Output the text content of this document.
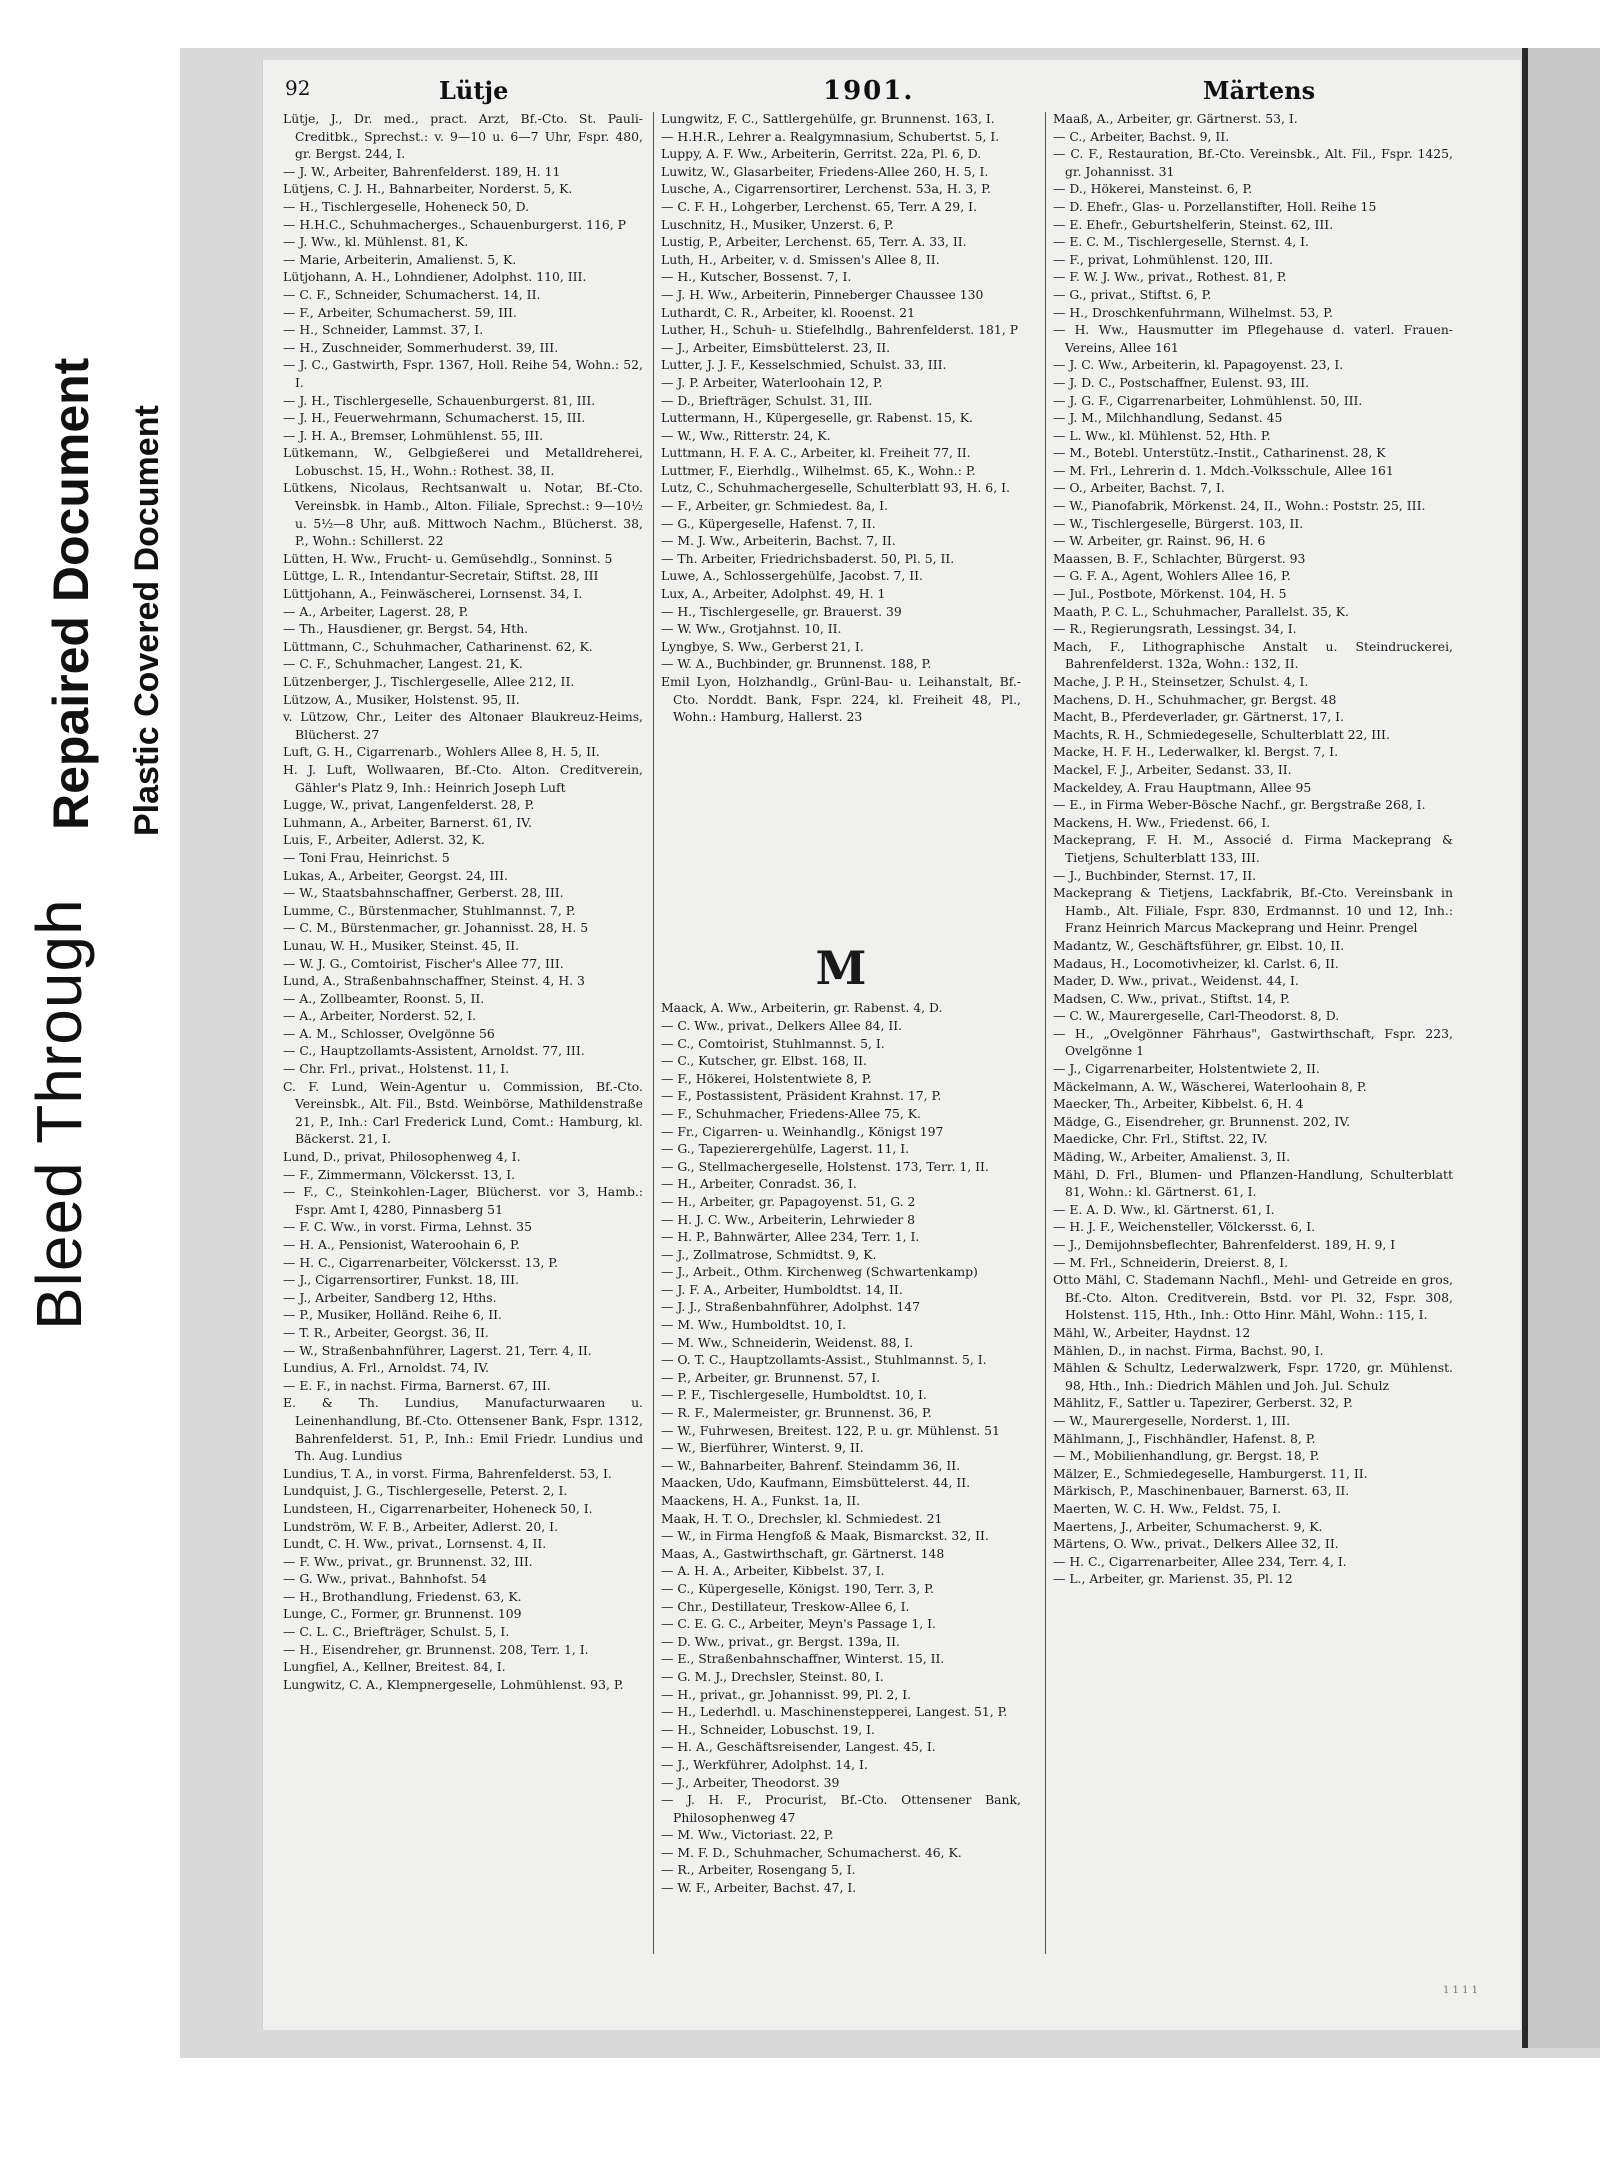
Bleed Through
Repaired Document Plastic Covered Document
92	Lütje	1901.	Märtens

Lütje, J., Dr. med., pract. Arzt, Bf.-Cto. St. Pauli-Creditbk., Sprechst.: v. 9—10 u. 6—7 Uhr, Fspr. 480, gr. Bergst. 244, I.

— J. W., Arbeiter, Bahrenfelderst. 189, H. 11

Lütjens, C. J. H., Bahnarbeiter, Norderst. 5, K.

— H., Tischlergeselle, Hoheneck 50, D.

— H.H.C., Schuhmacherges., Schauenburgerst. 116, P

— J. Ww., kl. Mühlenst. 81, K.

— Marie, Arbeiterin, Amalienst. 5, K.

Lütjohann, A. H., Lohndiener, Adolphst. 110, III.

— C. F., Schneider, Schumacherst. 14, II.

— F., Arbeiter, Schumacherst. 59, III.

— H., Schneider, Lammst. 37, I.

— H., Zuschneider, Sommerhuderst. 39, III.

— J. C., Gastwirth, Fspr. 1367, Holl. Reihe 54, Wohn.: 52, I.

— J. H., Tischlergeselle, Schauenburgerst. 81, III.

— J. H., Feuerwehrmann, Schumacherst. 15, III.

— J. H. A., Bremser, Lohmühlenst. 55, III.

Lütkemann, W., Gelbgießerei und Metalldreherei, Lobuschst. 15, H., Wohn.: Rothest. 38, II.

Lütkens, Nicolaus, Rechtsanwalt u. Notar, Bf.-Cto. Vereinsbk. in Hamb., Alton. Filiale, Sprechst.: 9—10½ u. 5½—8 Uhr, auß. Mittwoch Nachm., Blücherst. 38, P., Wohn.: Schillerst. 22

Lütten, H. Ww., Frucht- u. Gemüsehdlg., Sonninst. 5

Lüttge, L. R., Intendantur-Secretair, Stiftst. 28, III

Lüttjohann, A., Feinwäscherei, Lornsenst. 34, I.

— A., Arbeiter, Lagerst. 28, P.

— Th., Hausdiener, gr. Bergst. 54, Hth.

Lüttmann, C., Schuhmacher, Catharinenst. 62, K.

— C. F., Schuhmacher, Langest. 21, K.

Lützenberger, J., Tischlergeselle, Allee 212, II.

Lützow, A., Musiker, Holstenst. 95, II.

v. Lützow, Chr., Leiter des Altonaer Blaukreuz-Heims, Blücherst. 27

Luft, G. H., Cigarrenarb., Wohlers Allee 8, H. 5, II.

H. J. Luft, Wollwaaren, Bf.-Cto. Alton. Creditverein, Gähler's Platz 9, Inh.: Heinrich Joseph Luft

Lugge, W., privat, Langenfelderst. 28, P.

Luhmann, A., Arbeiter, Barnerst. 61, IV.

Luis, F., Arbeiter, Adlerst. 32, K.

— Toni Frau, Heinrichst. 5

Lukas, A., Arbeiter, Georgst. 24, III.

— W., Staatsbahnschaffner, Gerberst. 28, III.

Lumme, C., Bürstenmacher, Stuhlmannst. 7, P.

— C. M., Bürstenmacher, gr. Johannisst. 28, H. 5

Lunau, W. H., Musiker, Steinst. 45, II.

— W. J. G., Comtoirist, Fischer's Allee 77, III.

Lund, A., Straßenbahnschaffner, Steinst. 4, H. 3

— A., Zollbeamter, Roonst. 5, II.

— A., Arbeiter, Norderst. 52, I.

— A. M., Schlosser, Ovelgönne 56

— C., Hauptzollamts-Assistent, Arnoldst. 77, III.

— Chr. Frl., privat., Holstenst. 11, I.

C. F. Lund, Wein-Agentur u. Commission, Bf.-Cto. Vereinsbk., Alt. Fil., Bstd. Weinbörse, Mathildenstraße 21, P., Inh.: Carl Frederick Lund, Comt.: Hamburg, kl. Bäckerst. 21, I.

Lund, D., privat, Philosophenweg 4, I.

— F., Zimmermann, Völckersst. 13, I.

— F., C., Steinkohlen-Lager, Blücherst. vor 3, Hamb.: Fspr. Amt I, 4280, Pinnasberg 51

— F. C. Ww., in vorst. Firma, Lehnst. 35

— H. A., Pensionist, Wateroohain 6, P.

— H. C., Cigarrenarbeiter, Völckersst. 13, P.

— J., Cigarrensortirer, Funkst. 18, III.

— J., Arbeiter, Sandberg 12, Hths.

— P., Musiker, Holländ. Reihe 6, II.

— T. R., Arbeiter, Georgst. 36, II.

— W., Straßenbahnführer, Lagerst. 21, Terr. 4, II.

Lundius, A. Frl., Arnoldst. 74, IV.

— E. F., in nachst. Firma, Barnerst. 67, III.

E. & Th. Lundius, Manufacturwaaren u. Leinenhandlung, Bf.-Cto. Ottensener Bank, Fspr. 1312, Bahrenfelderst. 51, P., Inh.: Emil Friedr. Lundius und Th. Aug. Lundius

Lundius, T. A., in vorst. Firma, Bahrenfelderst. 53, I.

Lundquist, J. G., Tischlergeselle, Peterst. 2, I.

Lundsteen, H., Cigarrenarbeiter, Hoheneck 50, I.

Lundström, W. F. B., Arbeiter, Adlerst. 20, I.

Lundt, C. H. Ww., privat., Lornsenst. 4, II.

— F. Ww., privat., gr. Brunnenst. 32, III.

— G. Ww., privat., Bahnhofst. 54

— H., Brothandlung, Friedenst. 63, K.

Lunge, C., Former, gr. Brunnenst. 109

— C. L. C., Briefträger, Schulst. 5, I.

— H., Eisendreher, gr. Brunnenst. 208, Terr. 1, I.

Lungfiel, A., Kellner, Breitest. 84, I.

Lungwitz, C. A., Klempnergeselle, Lohmühlenst. 93, P.

Lungwitz, F. C., Sattlergehülfe, gr. Brunnenst. 163, I.

— H.H.R., Lehrer a. Realgymnasium, Schubertst. 5, I.

Luppy, A. F. Ww., Arbeiterin, Gerritst. 22a, Pl. 6, D.

Luwitz, W., Glasarbeiter, Friedens-Allee 260, H. 5, I.

Lusche, A., Cigarrensortirer, Lerchenst. 53a, H. 3, P.

— C. F. H., Lohgerber, Lerchenst. 65, Terr. A 29, I.

Luschnitz, H., Musiker, Unzerst. 6, P.

Lustig, P., Arbeiter, Lerchenst. 65, Terr. A. 33, II.

Luth, H., Arbeiter, v. d. Smissen's Allee 8, II.

— H., Kutscher, Bossenst. 7, I.

— J. H. Ww., Arbeiterin, Pinneberger Chaussee 130

Luthardt, C. R., Arbeiter, kl. Rooenst. 21

Luther, H., Schuh- u. Stiefelhdlg., Bahrenfelderst. 181, P

— J., Arbeiter, Eimsbüttelerst. 23, II.

Lutter, J. J. F., Kesselschmied, Schulst. 33, III.

— J. P. Arbeiter, Waterloohain 12, P.

— D., Briefträger, Schulst. 31, III.

Luttermann, H., Küpergeselle, gr. Rabenst. 15, K.

— W., Ww., Ritterstr. 24, K.

Luttmann, H. F. A. C., Arbeiter, kl. Freiheit 77, II.

Luttmer, F., Eierhdlg., Wilhelmst. 65, K., Wohn.: P.

Lutz, C., Schuhmachergeselle, Schulterblatt 93, H. 6, I.

— F., Arbeiter, gr. Schmiedest. 8a, I.

— G., Küpergeselle, Hafenst. 7, II.

— M. J. Ww., Arbeiterin, Bachst. 7, II.

— Th. Arbeiter, Friedrichsbaderst. 50, Pl. 5, II.

Luwe, A., Schlossergehülfe, Jacobst. 7, II.

Lux, A., Arbeiter, Adolphst. 49, H. 1

— H., Tischlergeselle, gr. Brauerst. 39

— W. Ww., Grotjahnst. 10, II.

Lyngbye, S. Ww., Gerberst 21, I.

— W. A., Buchbinder, gr. Brunnenst. 188, P.

Emil Lyon, Holzhandlg., Grünl-Bau- u. Leihanstalt, Bf.-Cto. Norddt. Bank, Fspr. 224, kl. Freiheit 48, Pl., Wohn.: Hamburg, Hallerst. 23

M

Maack, A. Ww., Arbeiterin, gr. Rabenst. 4, D.

— C. Ww., privat., Delkers Allee 84, II.

— C., Comtoirist, Stuhlmannst. 5, I.

— C., Kutscher, gr. Elbst. 168, II.

— F., Hökerei, Holstentwiete 8, P.

— F., Postassistent, Präsident Krahnst. 17, P.

— F., Schuhmacher, Friedens-Allee 75, K.

— Fr., Cigarren- u. Weinhandlg., Königst 197

— G., Tapezierergehülfe, Lagerst. 11, I.

— G., Stellmachergeselle, Holstenst. 173, Terr. 1, II.

— H., Arbeiter, Conradst. 36, I.

— H., Arbeiter, gr. Papagoyenst. 51, G. 2

— H. J. C. Ww., Arbeiterin, Lehrwieder 8

— H. P., Bahnwärter, Allee 234, Terr. 1, I.

— J., Zollmatrose, Schmidtst. 9, K.

— J., Arbeit., Othm. Kirchenweg (Schwartenkamp)

— J. F. A., Arbeiter, Humboldtst. 14, II.

— J. J., Straßenbahnführer, Adolphst. 147

— M. Ww., Humboldtst. 10, I.

— M. Ww., Schneiderin, Weidenst. 88, I.

— O. T. C., Hauptzollamts-Assist., Stuhlmannst. 5, I.

— P., Arbeiter, gr. Brunnenst. 57, I.

— P. F., Tischlergeselle, Humboldtst. 10, I.

— R. F., Malermeister, gr. Brunnenst. 36, P.

— W., Fuhrwesen, Breitest. 122, P. u. gr. Mühlenst. 51

— W., Bierführer, Winterst. 9, II.

— W., Bahnarbeiter, Bahrenf. Steindamm 36, II.

Maacken, Udo, Kaufmann, Eimsbüttelerst. 44, II.

Maackens, H. A., Funkst. 1a, II.

Maak, H. T. O., Drechsler, kl. Schmiedest. 21

— W., in Firma Hengfoß & Maak, Bismarckst. 32, II.

Maas, A., Gastwirthschaft, gr. Gärtnerst. 148

— A. H. A., Arbeiter, Kibbelst. 37, I.

— C., Küpergeselle, Königst. 190, Terr. 3, P.

— Chr., Destillateur, Treskow-Allee 6, I.

— C. E. G. C., Arbeiter, Meyn's Passage 1, I.

— D. Ww., privat., gr. Bergst. 139a, II.

— E., Straßenbahnschaffner, Winterst. 15, II.

— G. M. J., Drechsler, Steinst. 80, I.

— H., privat., gr. Johannisst. 99, Pl. 2, I.

— H., Lederhdl. u. Maschinenstepperei, Langest. 51, P.

— H., Schneider, Lobuschst. 19, I.

— H. A., Geschäftsreisender, Langest. 45, I.

— J., Werkführer, Adolphst. 14, I.

— J., Arbeiter, Theodorst. 39

— J. H. F., Procurist, Bf.-Cto. Ottensener Bank, Philosophenweg 47

— M. Ww., Victoriast. 22, P.

— M. F. D., Schuhmacher, Schumacherst. 46, K.

— R., Arbeiter, Rosengang 5, I.

— W. F., Arbeiter, Bachst. 47, I.

Maaß, A., Arbeiter, gr. Gärtnerst. 53, I.

— C., Arbeiter, Bachst. 9, II.

— C. F., Restauration, Bf.-Cto. Vereinsbk., Alt. Fil., Fspr. 1425, gr. Johannisst. 31

— D., Hökerei, Mansteinst. 6, P.

— D. Ehefr., Glas- u. Porzellanstifter, Holl. Reihe 15

— E. Ehefr., Geburtshelferin, Steinst. 62, III.

— E. C. M., Tischlergeselle, Sternst. 4, I.

— F., privat, Lohmühlenst. 120, III.

— F. W. J. Ww., privat., Rothest. 81, P.

— G., privat., Stiftst. 6, P.

— H., Droschkenfuhrmann, Wilhelmst. 53, P.

— H. Ww., Hausmutter im Pflegehause d. vaterl. Frauen-Vereins, Allee 161

— J. C. Ww., Arbeiterin, kl. Papagoyenst. 23, I.

— J. D. C., Postschaffner, Eulenst. 93, III.

— J. G. F., Cigarrenarbeiter, Lohmühlenst. 50, III.

— J. M., Milchhandlung, Sedanst. 45

— L. Ww., kl. Mühlenst. 52, Hth. P.

— M., Botebl. Unterstütz.-Instit., Catharinenst. 28, K

— M. Frl., Lehrerin d. 1. Mdch.-Volksschule, Allee 161

— O., Arbeiter, Bachst. 7, I.

— W., Pianofabrik, Mörkenst. 24, II., Wohn.: Poststr. 25, III.

— W., Tischlergeselle, Bürgerst. 103, II.

— W. Arbeiter, gr. Rainst. 96, H. 6

Maassen, B. F., Schlachter, Bürgerst. 93

— G. F. A., Agent, Wohlers Allee 16, P.

— Jul., Postbote, Mörkenst. 104, H. 5

Maath, P. C. L., Schuhmacher, Parallelst. 35, K.

— R., Regierungsrath, Lessingst. 34, I.

Mach, F., Lithographische Anstalt u. Steindruckerei, Bahrenfelderst. 132a, Wohn.: 132, II.

Mache, J. P. H., Steinsetzer, Schulst. 4, I.

Machens, D. H., Schuhmacher, gr. Bergst. 48

Macht, B., Pferdeverlader, gr. Gärtnerst. 17, I.

Machts, R. H., Schmiedegeselle, Schulterblatt 22, III.

Macke, H. F. H., Lederwalker, kl. Bergst. 7, I.

Mackel, F. J., Arbeiter, Sedanst. 33, II.

Mackeldey, A. Frau Hauptmann, Allee 95

— E., in Firma Weber-Bösche Nachf., gr. Bergstraße 268, I.

Mackens, H. Ww., Friedenst. 66, I.

Mackeprang, F. H. M., Associé d. Firma Mackeprang & Tietjens, Schulterblatt 133, III.

— J., Buchbinder, Sternst. 17, II.

Mackeprang & Tietjens, Lackfabrik, Bf.-Cto. Vereinsbank in Hamb., Alt. Filiale, Fspr. 830, Erdmannst. 10 und 12, Inh.: Franz Heinrich Marcus Mackeprang und Heinr. Prengel

Madantz, W., Geschäftsführer, gr. Elbst. 10, II.

Madaus, H., Locomotivheizer, kl. Carlst. 6, II.

Mader, D. Ww., privat., Weidenst. 44, I.

Madsen, C. Ww., privat., Stiftst. 14, P.

— C. W., Maurergeselle, Carl-Theodorst. 8, D.

— H., „Ovelgönner Fährhaus", Gastwirthschaft, Fspr. 223, Ovelgönne 1

— J., Cigarrenarbeiter, Holstentwiete 2, II.

Mäckelmann, A. W., Wäscherei, Waterloohain 8, P.

Maecker, Th., Arbeiter, Kibbelst. 6, H. 4

Mädge, G., Eisendreher, gr. Brunnenst. 202, IV.

Maedicke, Chr. Frl., Stiftst. 22, IV.

Mäding, W., Arbeiter, Amalienst. 3, II.

Mähl, D. Frl., Blumen- und Pflanzen-Handlung, Schulterblatt 81, Wohn.: kl. Gärtnerst. 61, I.

— E. A. D. Ww., kl. Gärtnerst. 61, I.

— H. J. F., Weichensteller, Völckersst. 6, I.

— J., Demijohnsbeflechter, Bahrenfelderst. 189, H. 9, I

— M. Frl., Schneiderin, Dreierst. 8, I.

Otto Mähl, C. Stademann Nachfl., Mehl- und Getreide en gros, Bf.-Cto. Alton. Creditverein, Bstd. vor Pl. 32, Fspr. 308, Holstenst. 115, Hth., Inh.: Otto Hinr. Mähl, Wohn.: 115, I.

Mähl, W., Arbeiter, Haydnst. 12

Mählen, D., in nachst. Firma, Bachst. 90, I.

Mählen & Schultz, Lederwalzwerk, Fspr. 1720, gr. Mühlenst. 98, Hth., Inh.: Diedrich Mählen und Joh. Jul. Schulz

Mählitz, F., Sattler u. Tapezirer, Gerberst. 32, P.

— W., Maurergeselle, Norderst. 1, III.

Mählmann, J., Fischhändler, Hafenst. 8, P.

— M., Mobilienhandlung, gr. Bergst. 18, P.

Mälzer, E., Schmiedegeselle, Hamburgerst. 11, II.

Märkisch, P., Maschinenbauer, Barnerst. 63, II.

Maerten, W. C. H. Ww., Feldst. 75, I.

Maertens, J., Arbeiter, Schumacherst. 9, K.

Märtens, O. Ww., privat., Delkers Allee 32, II.

— H. C., Cigarrenarbeiter, Allee 234, Terr. 4, I.

— L., Arbeiter, gr. Marienst. 35, Pl. 12

1 1 1 1
